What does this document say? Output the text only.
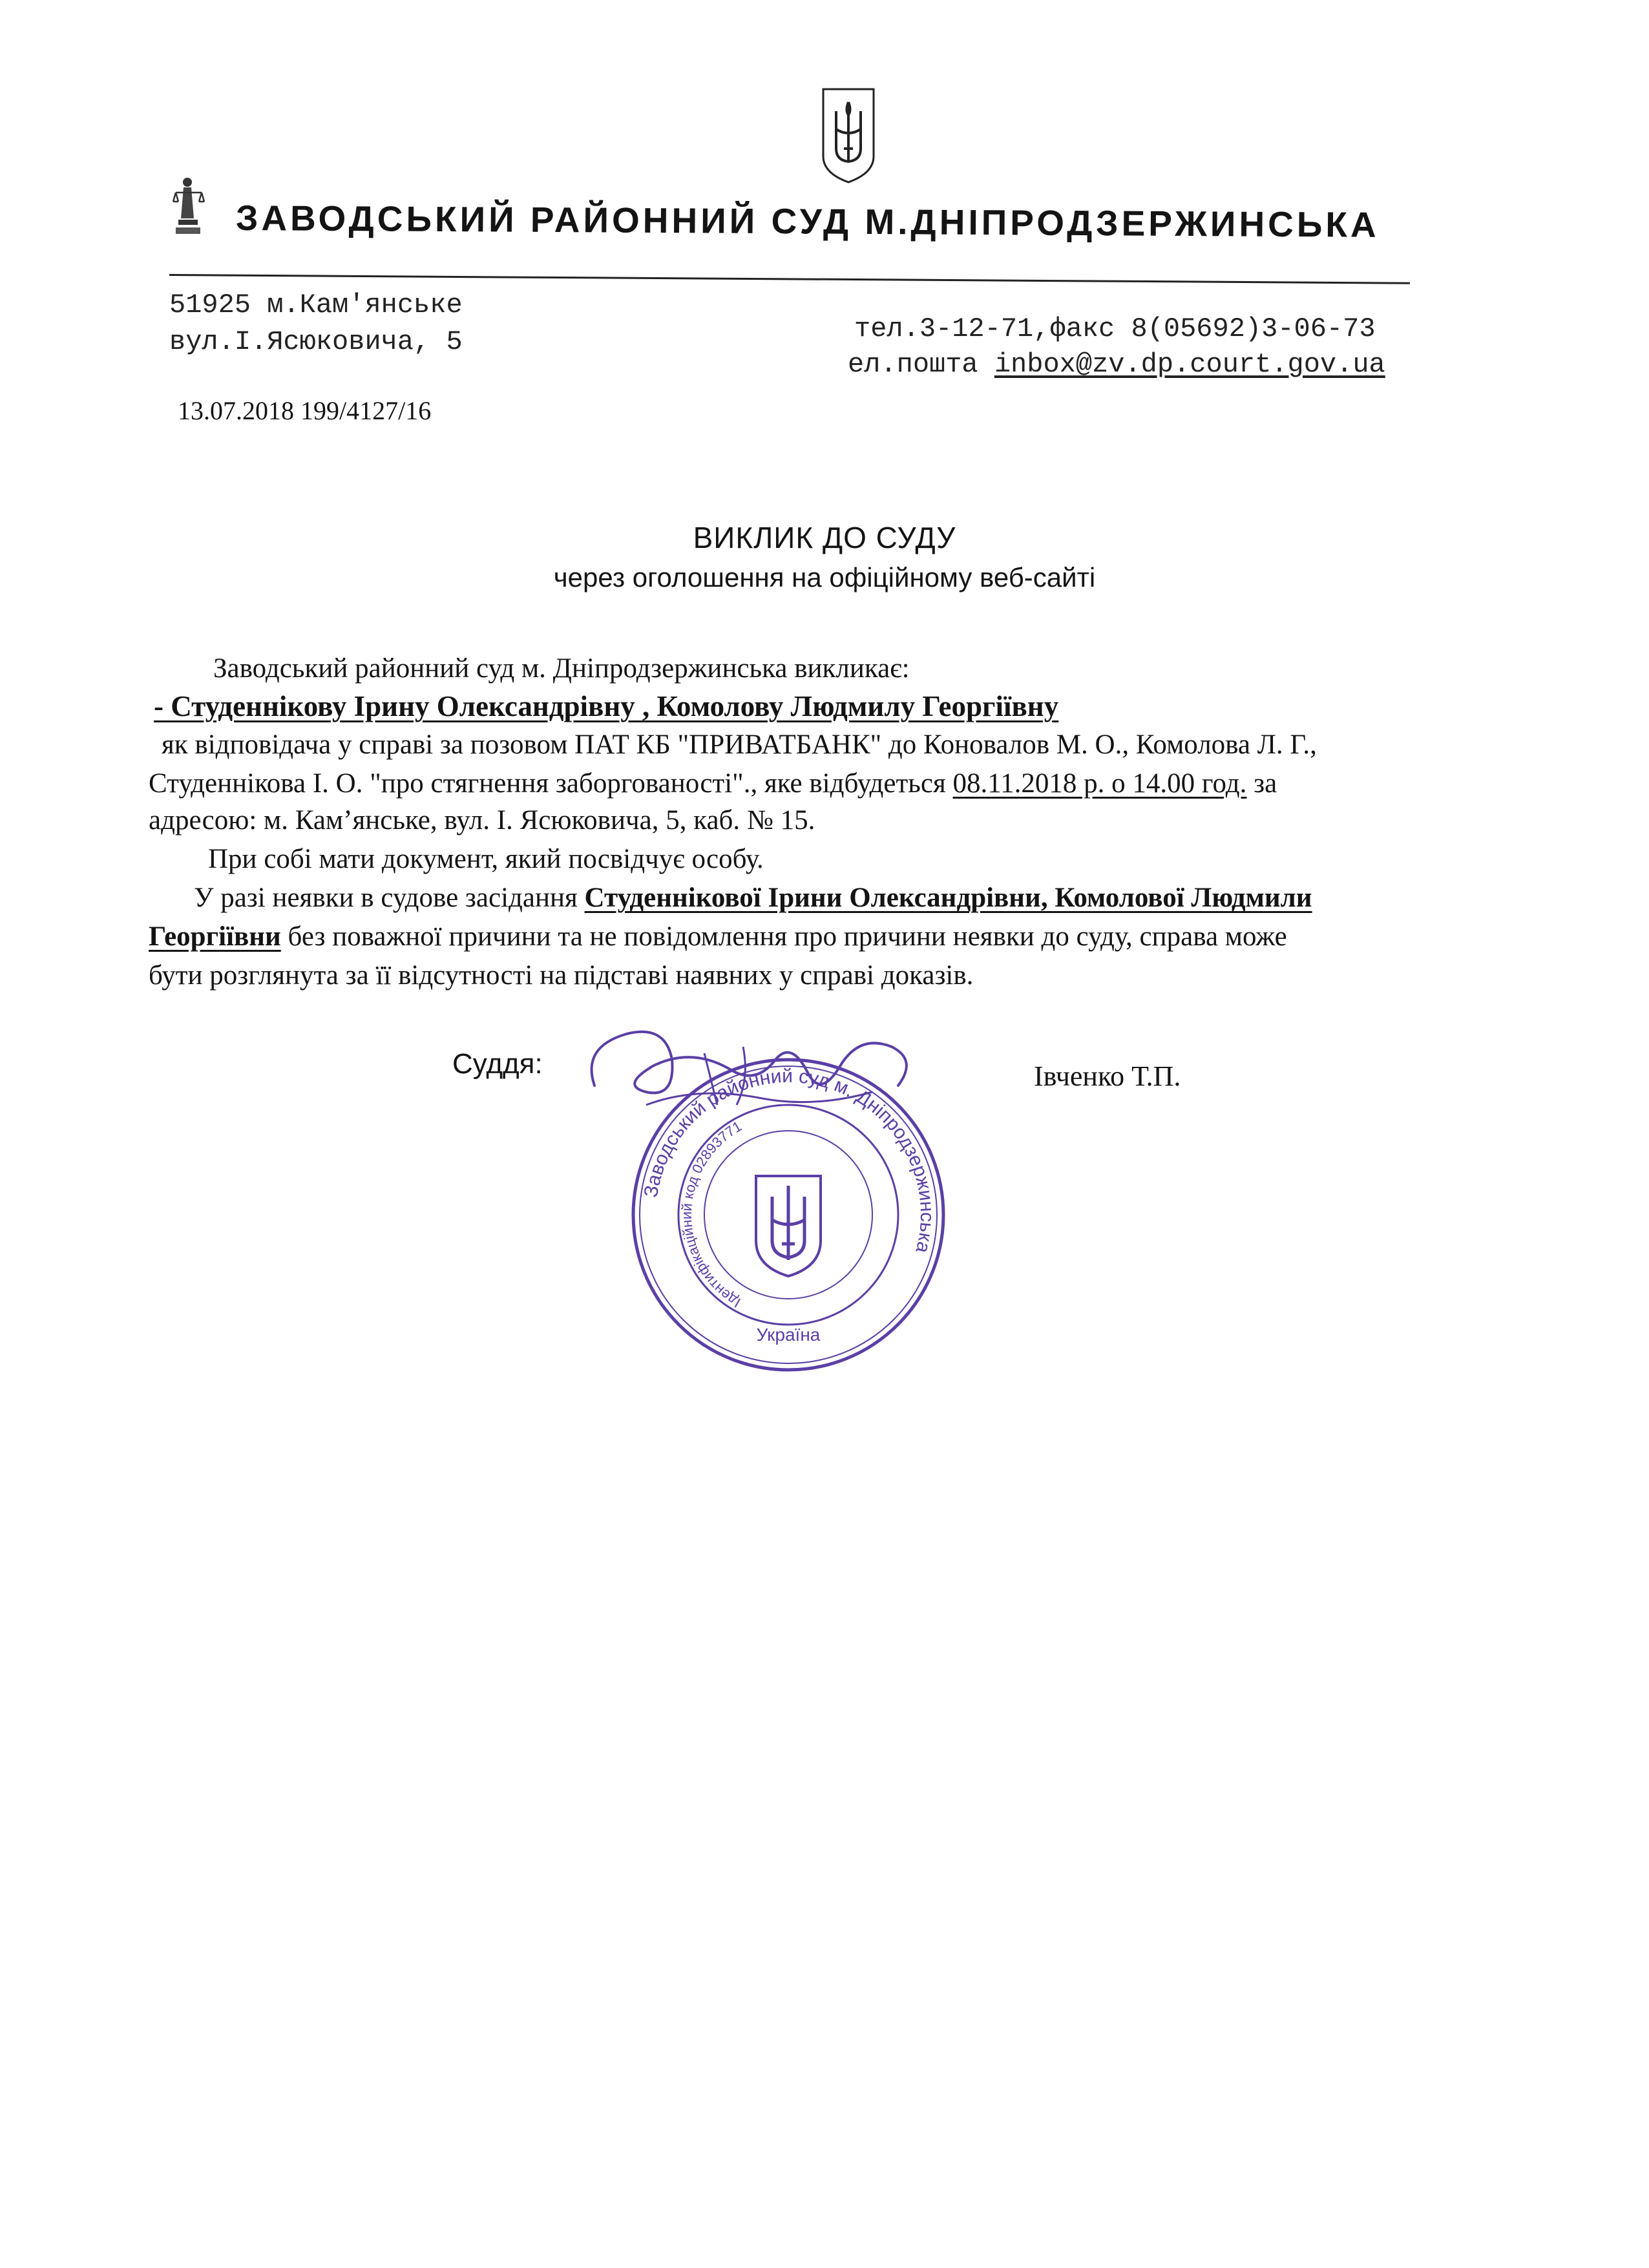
ЗАВОДСЬКИЙ РАЙОННИЙ СУД М.ДНІПРОДЗЕРЖИНСЬКА
51925 м.Кам'янське
вул.І.Ясюковича, 5	тел.3-12-71,факс 8(05692)3-06-73
ел.пошта inbox@zv.dp.court.gov.ua
13.07.2018 199/4127/16
ВИКЛИК ДО СУДУ
через оголошення на офіційному веб-сайті
Заводський районний суд м. Дніпродзержинська викликає:
- Студеннікову Ірину Олександрівну , Комолову Людмилу Георгіївну
як відповідача у справі за позовом ПАТ КБ "ПРИВАТБАНК" до Коновалов М. О., Комолова Л. Г.,
Студеннікова І. О. "про стягнення заборгованості"., яке відбудеться 08.11.2018 р. о 14.00 год. за
адресою: м. Кам’янське, вул. І. Ясюковича, 5, каб. № 15.
При собі мати документ, який посвідчує особу.
У разі неявки в судове засідання Студеннікової Ірини Олександрівни, Комолової Людмили
Георгіївни без поважної причини та не повідомлення про причини неявки до суду, справа може
бути розглянута за її відсутності на підставі наявних у справі доказів.
Суддя:	Івченко Т.П.
Заводський районний суд м. Дніпродзержинська
Ідентифікаційний код 02893771
Україна
